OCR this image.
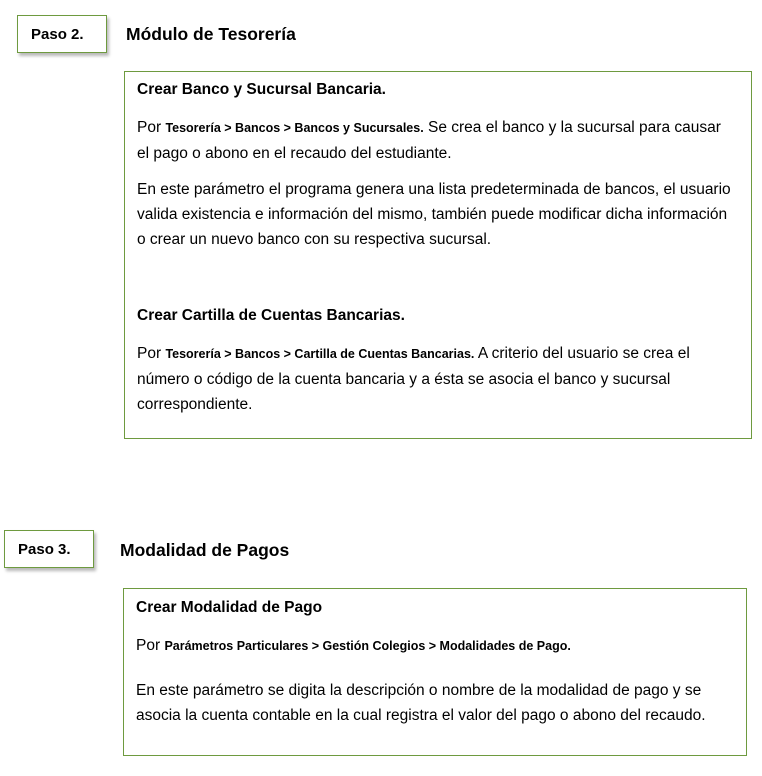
Paso 2. Módulo de Tesorería
Crear Banco y Sucursal Bancaria.

Por Tesorería > Bancos > Bancos y Sucursales. Se crea el banco y la sucursal para causar el pago o abono en el recaudo del estudiante.

En este parámetro el programa genera una lista predeterminada de bancos, el usuario valida existencia e información del mismo, también puede modificar dicha información o crear un nuevo banco con su respectiva sucursal.

Crear Cartilla de Cuentas Bancarias.

Por Tesorería > Bancos > Cartilla de Cuentas Bancarias. A criterio del usuario se crea el número o código de la cuenta bancaria y a ésta se asocia el banco y sucursal correspondiente.

Paso 3.	Modalidad de Pagos
Crear Modalidad de Pago

Por Parámetros Particulares > Gestión Colegios > Modalidades de Pago.

En este parámetro se digita la descripción o nombre de la modalidad de pago y se asocia la cuenta contable en la cual registra el valor del pago o abono del recaudo.
